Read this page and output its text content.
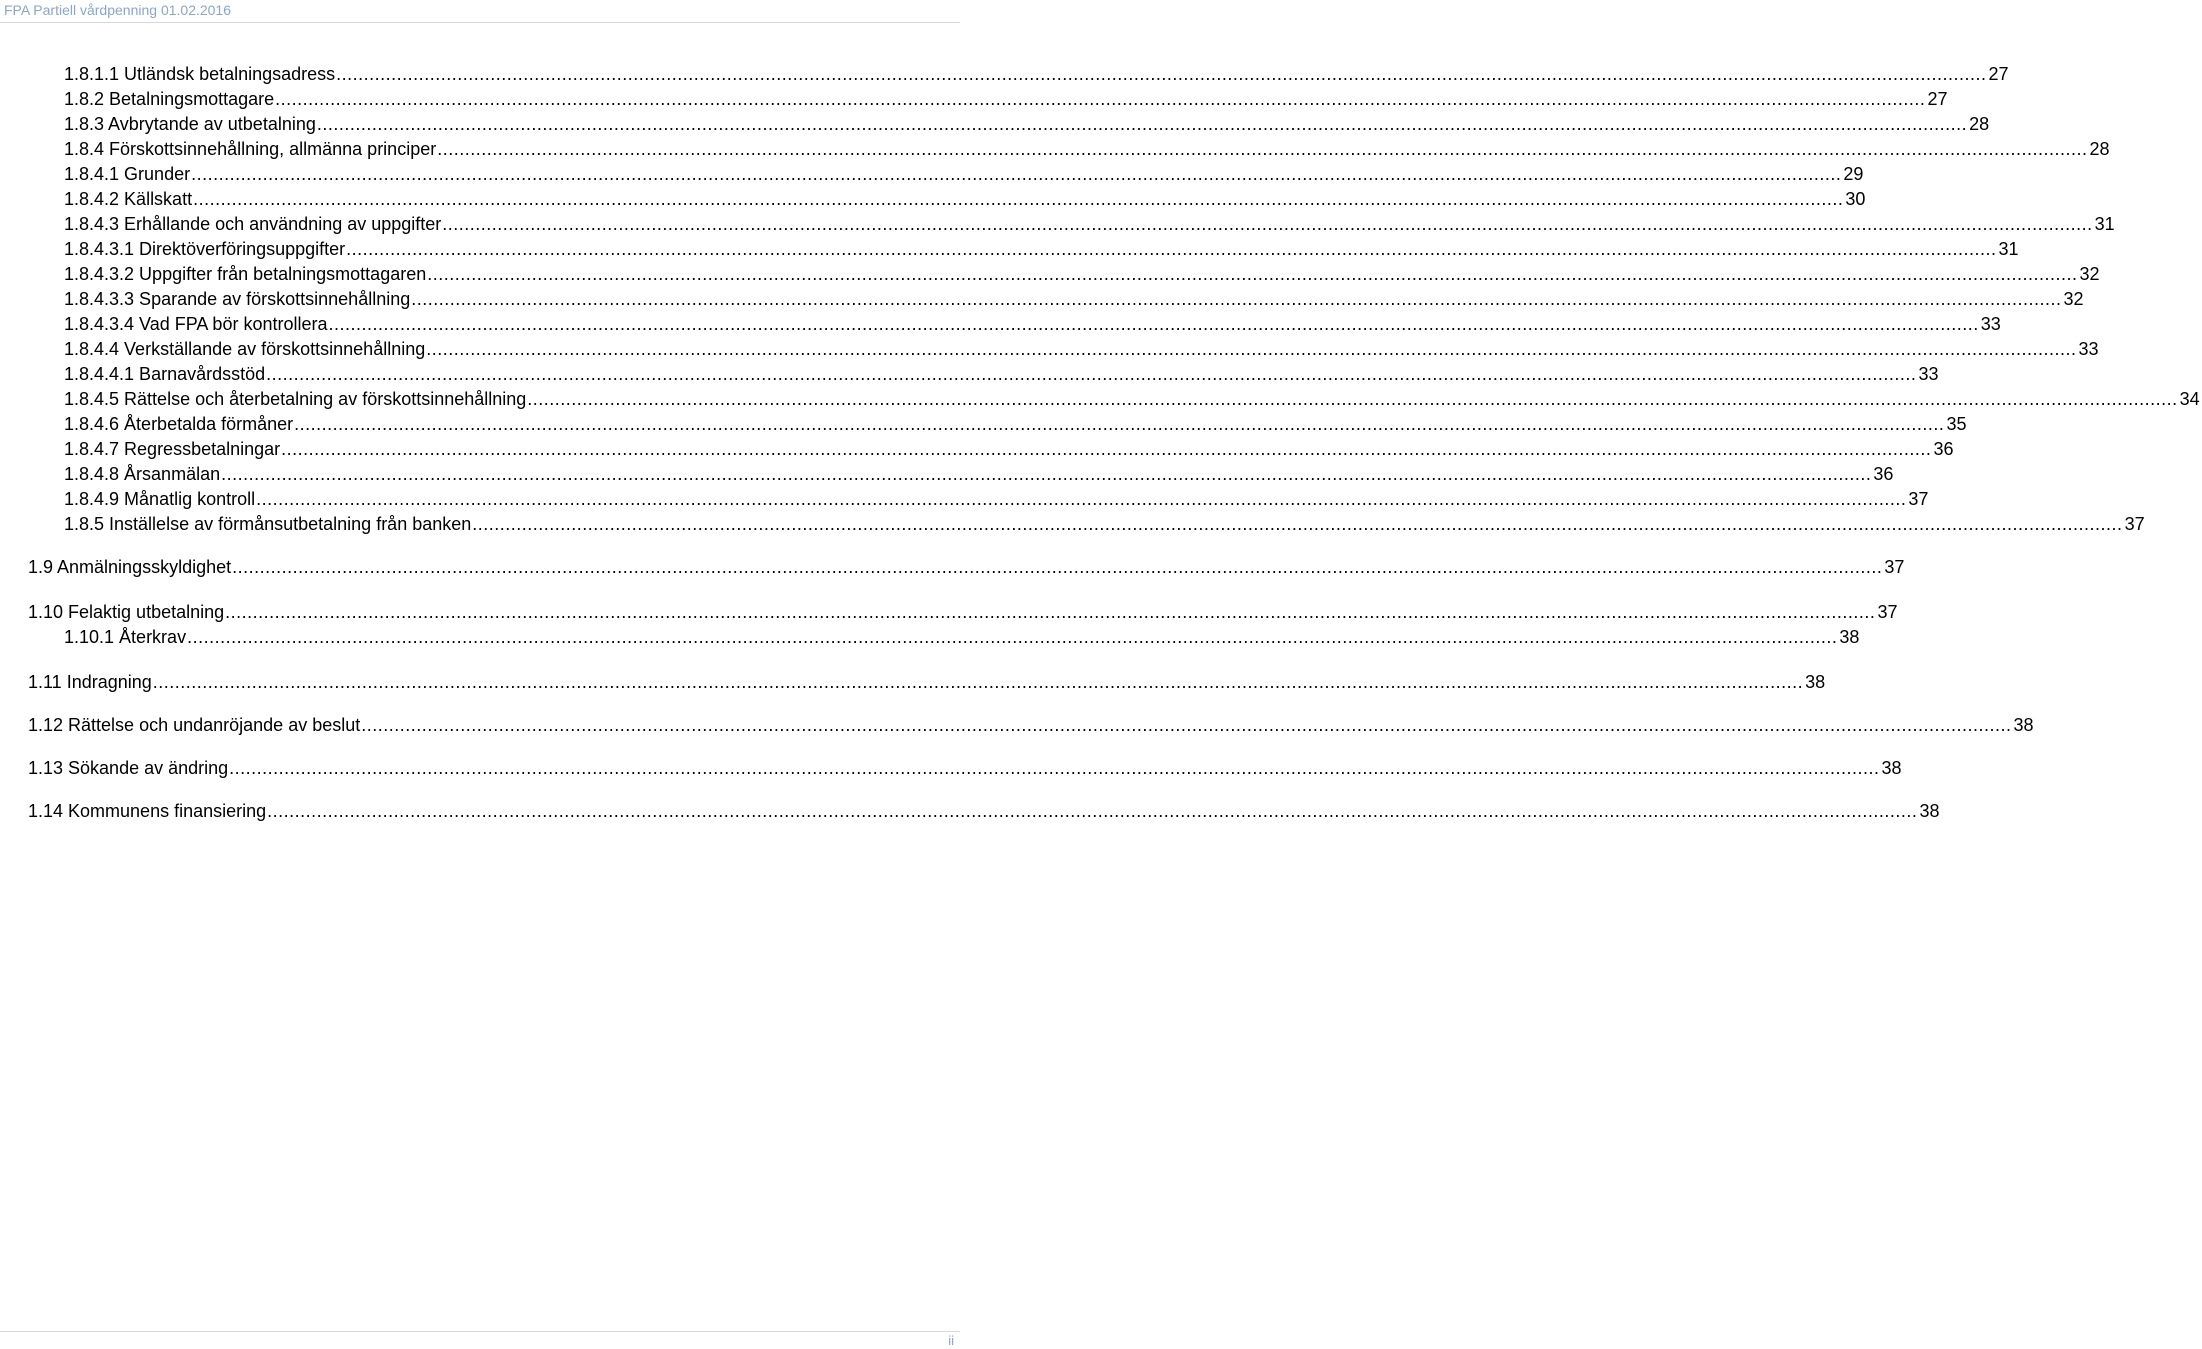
FPA Partiell vårdpenning 01.02.2016
1.8.1.1 Utländsk betalningsadress ............................................................................................................................................................................................................................................................................................................ 27
1.8.2 Betalningsmottagare ............................................................................................................................................................................................................................................................................................................ 27
1.8.3 Avbrytande av utbetalning ............................................................................................................................................................................................................................................................................................................ 28
1.8.4 Förskottsinnehållning, allmänna principer ............................................................................................................................................................................................................................................................................................................ 28
1.8.4.1 Grunder ............................................................................................................................................................................................................................................................................................................ 29
1.8.4.2 Källskatt ............................................................................................................................................................................................................................................................................................................ 30
1.8.4.3 Erhållande och användning av uppgifter ............................................................................................................................................................................................................................................................................................................ 31
1.8.4.3.1 Direktöverföringsuppgifter ............................................................................................................................................................................................................................................................................................................ 31
1.8.4.3.2 Uppgifter från betalningsmottagaren ............................................................................................................................................................................................................................................................................................................ 32
1.8.4.3.3 Sparande av förskottsinnehållning ............................................................................................................................................................................................................................................................................................................ 32
1.8.4.3.4 Vad FPA bör kontrollera ............................................................................................................................................................................................................................................................................................................ 33
1.8.4.4 Verkställande av förskottsinnehållning ............................................................................................................................................................................................................................................................................................................ 33
1.8.4.4.1 Barnavårdsstöd ............................................................................................................................................................................................................................................................................................................ 33
1.8.4.5 Rättelse och återbetalning av förskottsinnehållning ............................................................................................................................................................................................................................................................................................................ 34
1.8.4.6 Återbetalda förmåner ............................................................................................................................................................................................................................................................................................................ 35
1.8.4.7 Regressbetalningar ............................................................................................................................................................................................................................................................................................................ 36
1.8.4.8 Årsanmälan ............................................................................................................................................................................................................................................................................................................ 36
1.8.4.9 Månatlig kontroll ............................................................................................................................................................................................................................................................................................................ 37
1.8.5 Inställelse av förmånsutbetalning från banken ............................................................................................................................................................................................................................................................................................................ 37
1.9 Anmälningsskyldighet ............................................................................................................................................................................................................................................................................................................ 37
1.10 Felaktig utbetalning ............................................................................................................................................................................................................................................................................................................ 37
1.10.1 Återkrav ............................................................................................................................................................................................................................................................................................................ 38
1.11 Indragning ............................................................................................................................................................................................................................................................................................................ 38
1.12 Rättelse och undanröjande av beslut ............................................................................................................................................................................................................................................................................................................ 38
1.13 Sökande av ändring ............................................................................................................................................................................................................................................................................................................ 38
1.14 Kommunens finansiering ............................................................................................................................................................................................................................................................................................................ 38
ii
